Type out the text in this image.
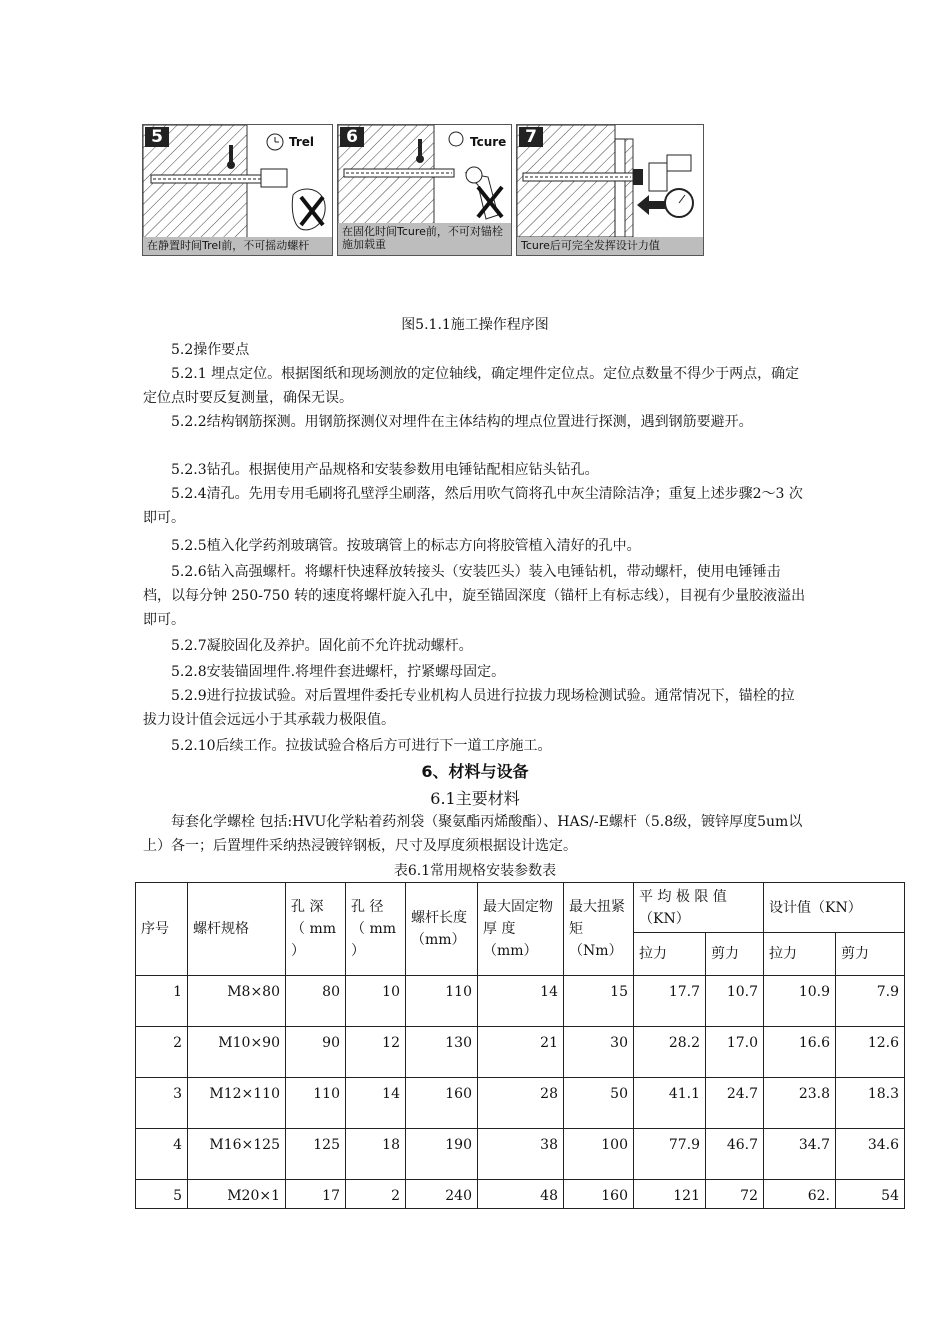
5	Trel
在静置时间Trel前，不可摇动螺杆
6	Tcure
在固化时间Tcure前，不可对锚栓施加载重
7
Tcure后可完全发挥设计力值
图5.1.1施工操作程序图

5.2操作要点

5.2.1 埋点定位。根据图纸和现场测放的定位轴线，确定埋件定位点。定位点数量不得少于两点，确定定位点时要反复测量，确保无误。

5.2.2结构钢筋探测。用钢筋探测仪对埋件在主体结构的埋点位置进行探测，遇到钢筋要避开。

5.2.3钻孔。根据使用产品规格和安装参数用电锤钻配相应钻头钻孔。

5.2.4清孔。先用专用毛刷将孔壁浮尘刷落，然后用吹气筒将孔中灰尘清除洁净；重复上述步骤2～3 次即可。

5.2.5植入化学药剂玻璃管。按玻璃管上的标志方向将胶管植入清好的孔中。

5.2.6钻入高强螺杆。将螺杆快速释放转接头（安装匹头）装入电锤钻机，带动螺杆，使用电锤锤击档，以每分钟 250-750 转的速度将螺杆旋入孔中，旋至锚固深度（锚杆上有标志线），目视有少量胶液溢出即可。

5.2.7凝胶固化及养护。固化前不允许扰动螺杆。

5.2.8安装锚固埋件.将埋件套进螺杆，拧紧螺母固定。

5.2.9进行拉拔试验。对后置埋件委托专业机构人员进行拉拔力现场检测试验。通常情况下，锚栓的拉拔力设计值会远远小于其承载力极限值。

5.2.10后续工作。拉拔试验合格后方可进行下一道工序施工。

6、材料与设备
6.1主要材料

每套化学螺栓 包括:HVU化学粘着药剂袋（聚氨酯丙烯酸酯）、HAS/-E螺杆（5.8级，镀锌厚度5um以上）各一；后置埋件采纳热浸镀锌钢板，尺寸及厚度须根据设计选定。

表6.1常用规格安装参数表
序号	螺杆规格	孔 深 （ mm ）	孔 径 （ mm ）	螺杆长度 （mm）	最大固定物 厚 度 （mm）	最大扭紧 矩 （Nm）	平 均 极 限 值 （KN）		设计值（KN）	
							拉力	剪力	拉力	剪力
1	M8×80	80	10	110	14	15	17.7	10.7	10.9	7.9
2	M10×90	90	12	130	21	30	28.2	17.0	16.6	12.6
3	M12×110	110	14	160	28	50	41.1	24.7	23.8	18.3
4	M16×125	125	18	190	38	100	77.9	46.7	34.7	34.6
5	M20×1	17	2	240	48	160	121	72	62.	54
